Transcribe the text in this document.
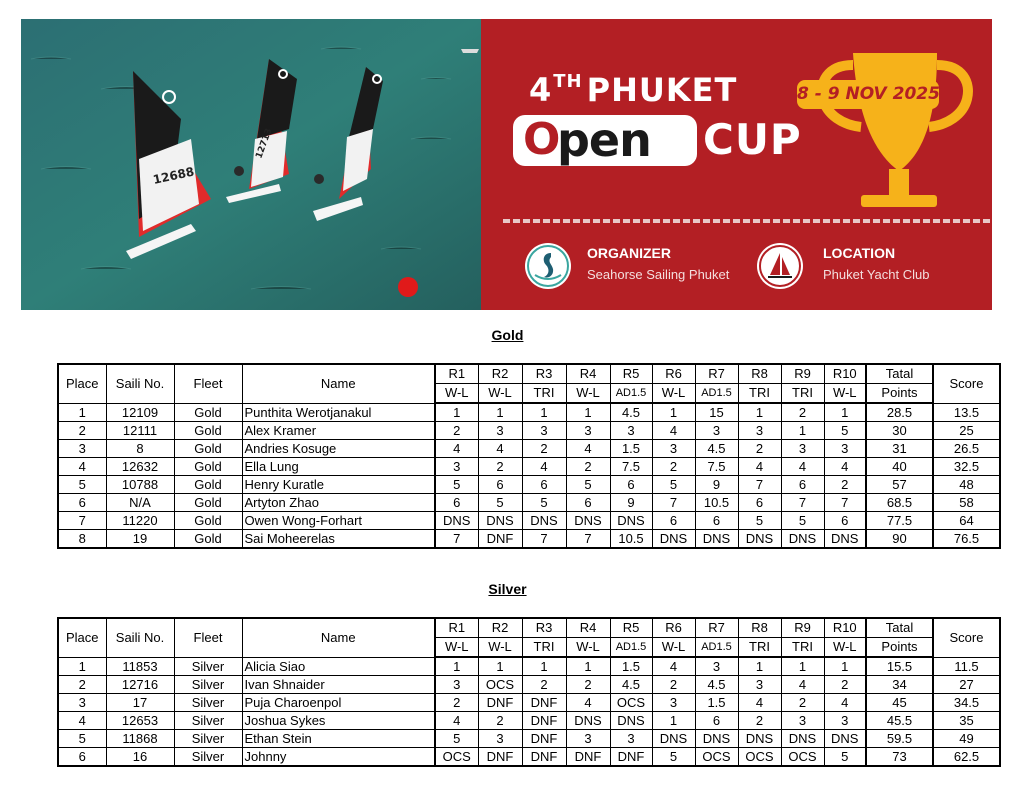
12688
12713
4TH PHUKET	8 - 9 NOV 2025
O
pen CUP
ORGANIZER
Seahorse Sailing Phuket
LOCATION
Phuket Yacht Club
Gold
Place	Saili No.	Fleet	Name	R1	R2	R3	R4	R5	R6	R7	R8	R9	R10	Tatal	Score
				W-L	W-L	TRI	W-L	AD1.5	W-L	AD1.5	TRI	TRI	W-L	Points	
1	12109	Gold	Punthita Werotjanakul	1	1	1	1	4.5	1	15	1	2	1	28.5	13.5
2	12111	Gold	Alex Kramer	2	3	3	3	3	4	3	3	1	5	30	25
3	8	Gold	Andries Kosuge	4	4	2	4	1.5	3	4.5	2	3	3	31	26.5
4	12632	Gold	Ella Lung	3	2	4	2	7.5	2	7.5	4	4	4	40	32.5
5	10788	Gold	Henry Kuratle	5	6	6	5	6	5	9	7	6	2	57	48
6	N/A	Gold	Artyton Zhao	6	5	5	6	9	7	10.5	6	7	7	68.5	58
7	11220	Gold	Owen Wong-Forhart	DNS	DNS	DNS	DNS	DNS	6	6	5	5	6	77.5	64
8	19	Gold	Sai Moheerelas	7	DNF	7	7	10.5	DNS	DNS	DNS	DNS	DNS	90	76.5
Silver
Place	Saili No.	Fleet	Name	R1	R2	R3	R4	R5	R6	R7	R8	R9	R10	Tatal	Score
				W-L	W-L	TRI	W-L	AD1.5	W-L	AD1.5	TRI	TRI	W-L	Points	
1	11853	Silver	Alicia Siao	1	1	1	1	1.5	4	3	1	1	1	15.5	11.5
2	12716	Silver	Ivan Shnaider	3	OCS	2	2	4.5	2	4.5	3	4	2	34	27
3	17	Silver	Puja Charoenpol	2	DNF	DNF	4	OCS	3	1.5	4	2	4	45	34.5
4	12653	Silver	Joshua Sykes	4	2	DNF	DNS	DNS	1	6	2	3	3	45.5	35
5	11868	Silver	Ethan Stein	5	3	DNF	3	3	DNS	DNS	DNS	DNS	DNS	59.5	49
6	16	Silver	Johnny	OCS	DNF	DNF	DNF	DNF	5	OCS	OCS	OCS	5	73	62.5
